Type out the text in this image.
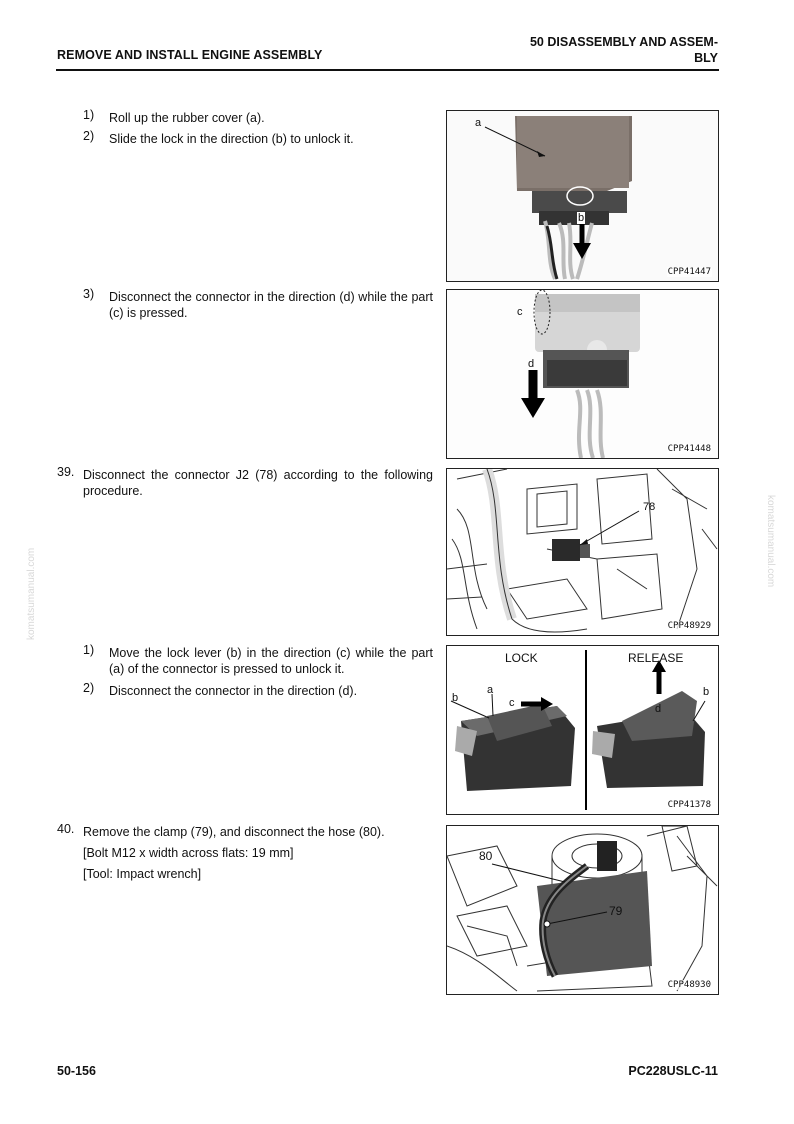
REMOVE AND INSTALL ENGINE ASSEMBLY
50 DISASSEMBLY AND ASSEM-
BLY
komatsumanual.com
komatsumanual.com
1) Roll up the rubber cover (a).
2) Slide the lock in the direction (b) to unlock it.
a
b
CPP41447
3) Disconnect the connector in the direction (d) while the part (c) is pressed.	c
d
CPP41448
39. Disconnect the connector J2 (78) according to the following procedure.
78
CPP48929
1) Move the lock lever (b) in the direction (c) while the part (a) of the connector is pressed to unlock it.
2) Disconnect the connector in the direction (d).
LOCK	RELEASE
a
b	c	d
b
CPP41378
40. Remove the clamp (79), and disconnect the hose (80).
[Bolt M12 x width across flats: 19 mm]
[Tool: Impact wrench]
80
79
CPP48930
50-156	PC228USLC-11
